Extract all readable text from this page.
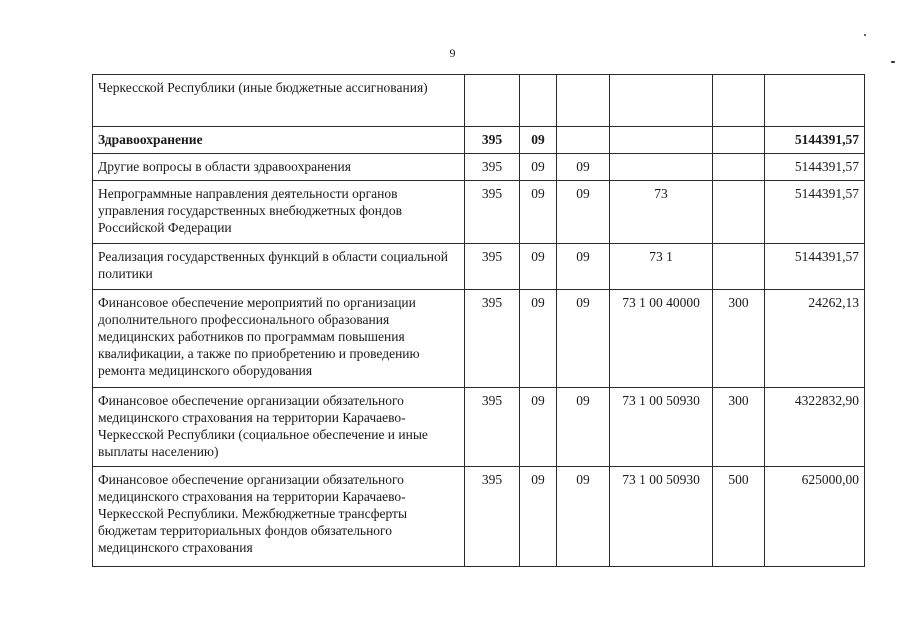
9
Черкесской Республики (иные бюджетные ассигнования)						
Здравоохранение	395	09				5144391,57
Другие вопросы в области здравоохранения	395	09	09			5144391,57
Непрограммные направления деятельности органов управления государственных внебюджетных фондов Российской Федерации	395	09	09	73		5144391,57
Реализация государственных функций в области социальной политики	395	09	09	73 1		5144391,57
Финансовое обеспечение мероприятий по организации дополнительного профессионального образования медицинских работников по программам повышения квалификации, а также по приобретению и проведению ремонта медицинского оборудования	395	09	09	73 1 00 40000	300	24262,13
Финансовое обеспечение организации обязательного медицинского страхования на территории Карачаево-Черкесской Республики (социальное обеспечение и иные выплаты населению)	395	09	09	73 1 00 50930	300	4322832,90
Финансовое обеспечение организации обязательного медицинского страхования на территории Карачаево-Черкесской Республики. Межбюджетные трансферты бюджетам территориальных фондов обязательного медицинского страхования	395	09	09	73 1 00 50930	500	625000,00
